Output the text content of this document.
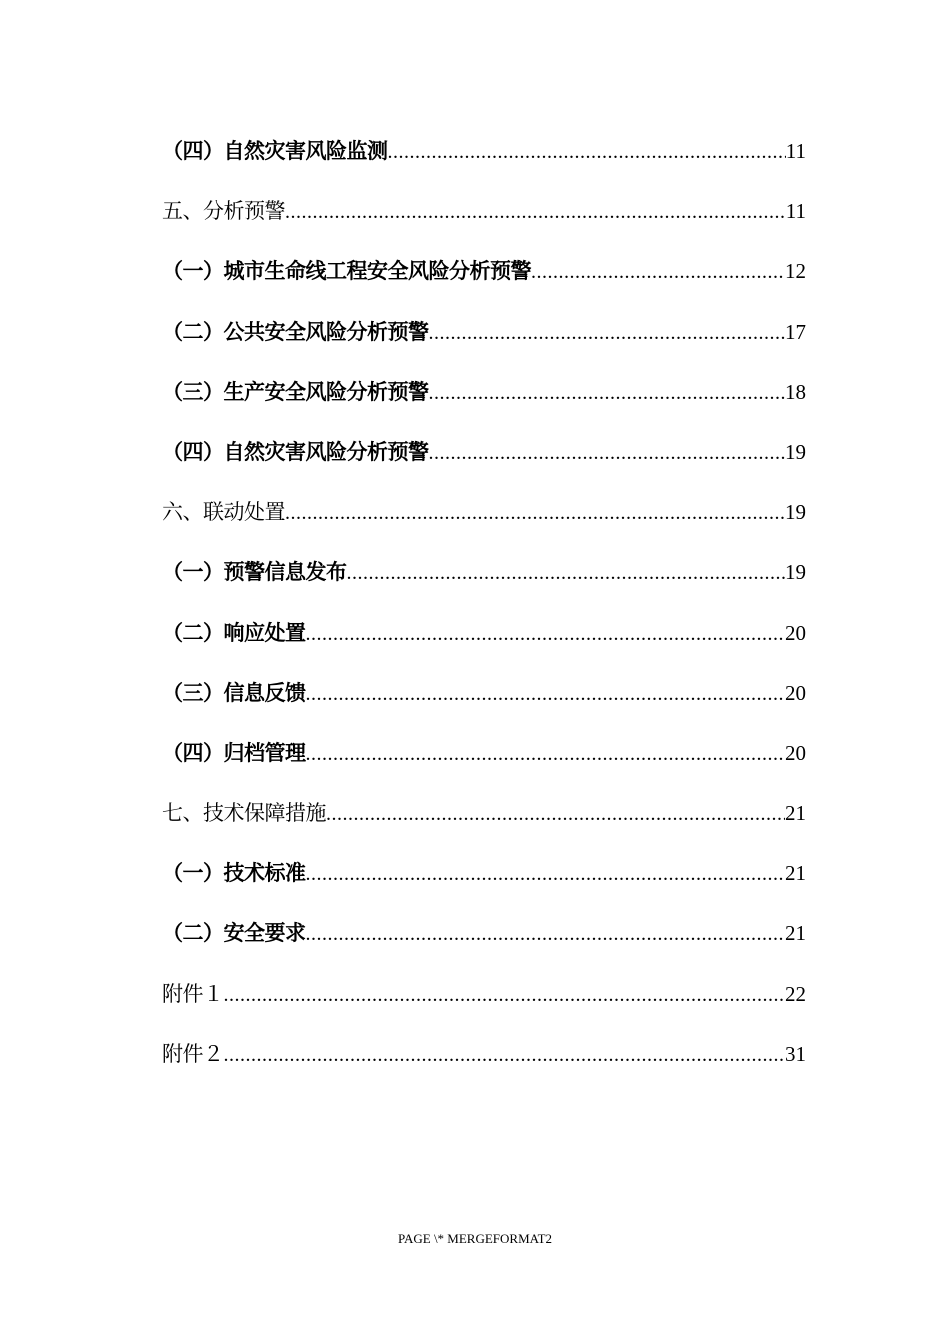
（四）自然灾害风险监测 .....	11
五、分析预警 .....	11
（一）城市生命线工程安全风险分析预警 .....	12
（二）公共安全风险分析预警 .....	17
（三）生产安全风险分析预警 .....	18
（四）自然灾害风险分析预警 .....	19
六、联动处置 .....	19
（一）预警信息发布 .....	19
（二）响应处置 .....	20
（三）信息反馈 .....	20
（四）归档管理 .....	20
七、技术保障措施 .....	21
（一）技术标准 .....	21
（二）安全要求 .....	21
附件１ .....	22
附件２ .....	31
PAGE \* MERGEFORMAT2
